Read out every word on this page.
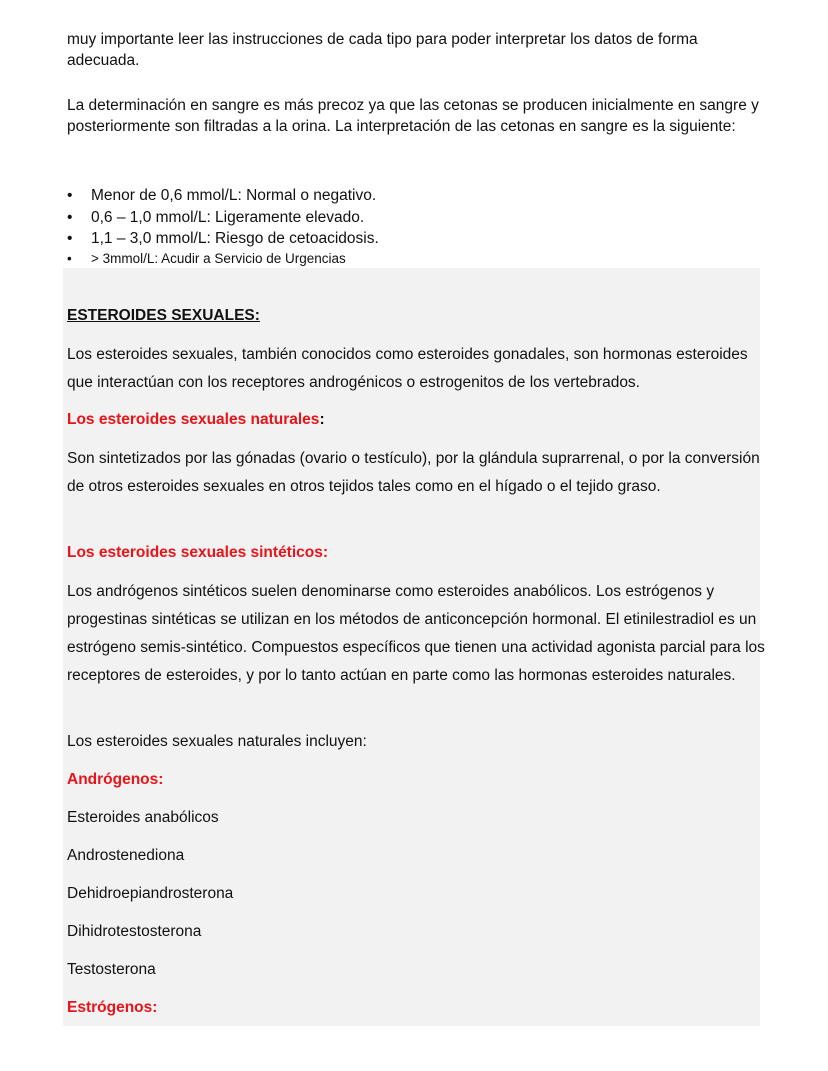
muy importante leer las instrucciones de cada tipo para poder interpretar los datos de forma adecuada.

La determinación en sangre es más precoz ya que las cetonas se producen inicialmente en sangre y posteriormente son filtradas a la orina. La interpretación de las cetonas en sangre es la siguiente:

• Menor de 0,6 mmol/L: Normal o negativo.
• 0,6 – 1,0 mmol/L: Ligeramente elevado.
• 1,1 – 3,0 mmol/L: Riesgo de cetoacidosis.
• > 3mmol/L: Acudir a Servicio de Urgencias

ESTEROIDES SEXUALES:

Los esteroides sexuales, también conocidos como esteroides gonadales, son hormonas esteroides que interactúan con los receptores androgénicos o estrogenitos de los vertebrados.

Los esteroides sexuales naturales:

Son sintetizados por las gónadas (ovario o testículo), por la glándula suprarrenal, o por la conversión de otros esteroides sexuales en otros tejidos tales como en el hígado o el tejido graso.

Los esteroides sexuales sintéticos:

Los andrógenos sintéticos suelen denominarse como esteroides anabólicos. Los estrógenos y progestinas sintéticas se utilizan en los métodos de anticoncepción hormonal. El etinilestradiol es un estrógeno semis-sintético. Compuestos específicos que tienen una actividad agonista parcial para los receptores de esteroides, y por lo tanto actúan en parte como las hormonas esteroides naturales.

Los esteroides sexuales naturales incluyen:

Andrógenos:

Esteroides anabólicos

Androstenediona

Dehidroepiandrosterona

Dihidrotestosterona

Testosterona

Estrógenos:
